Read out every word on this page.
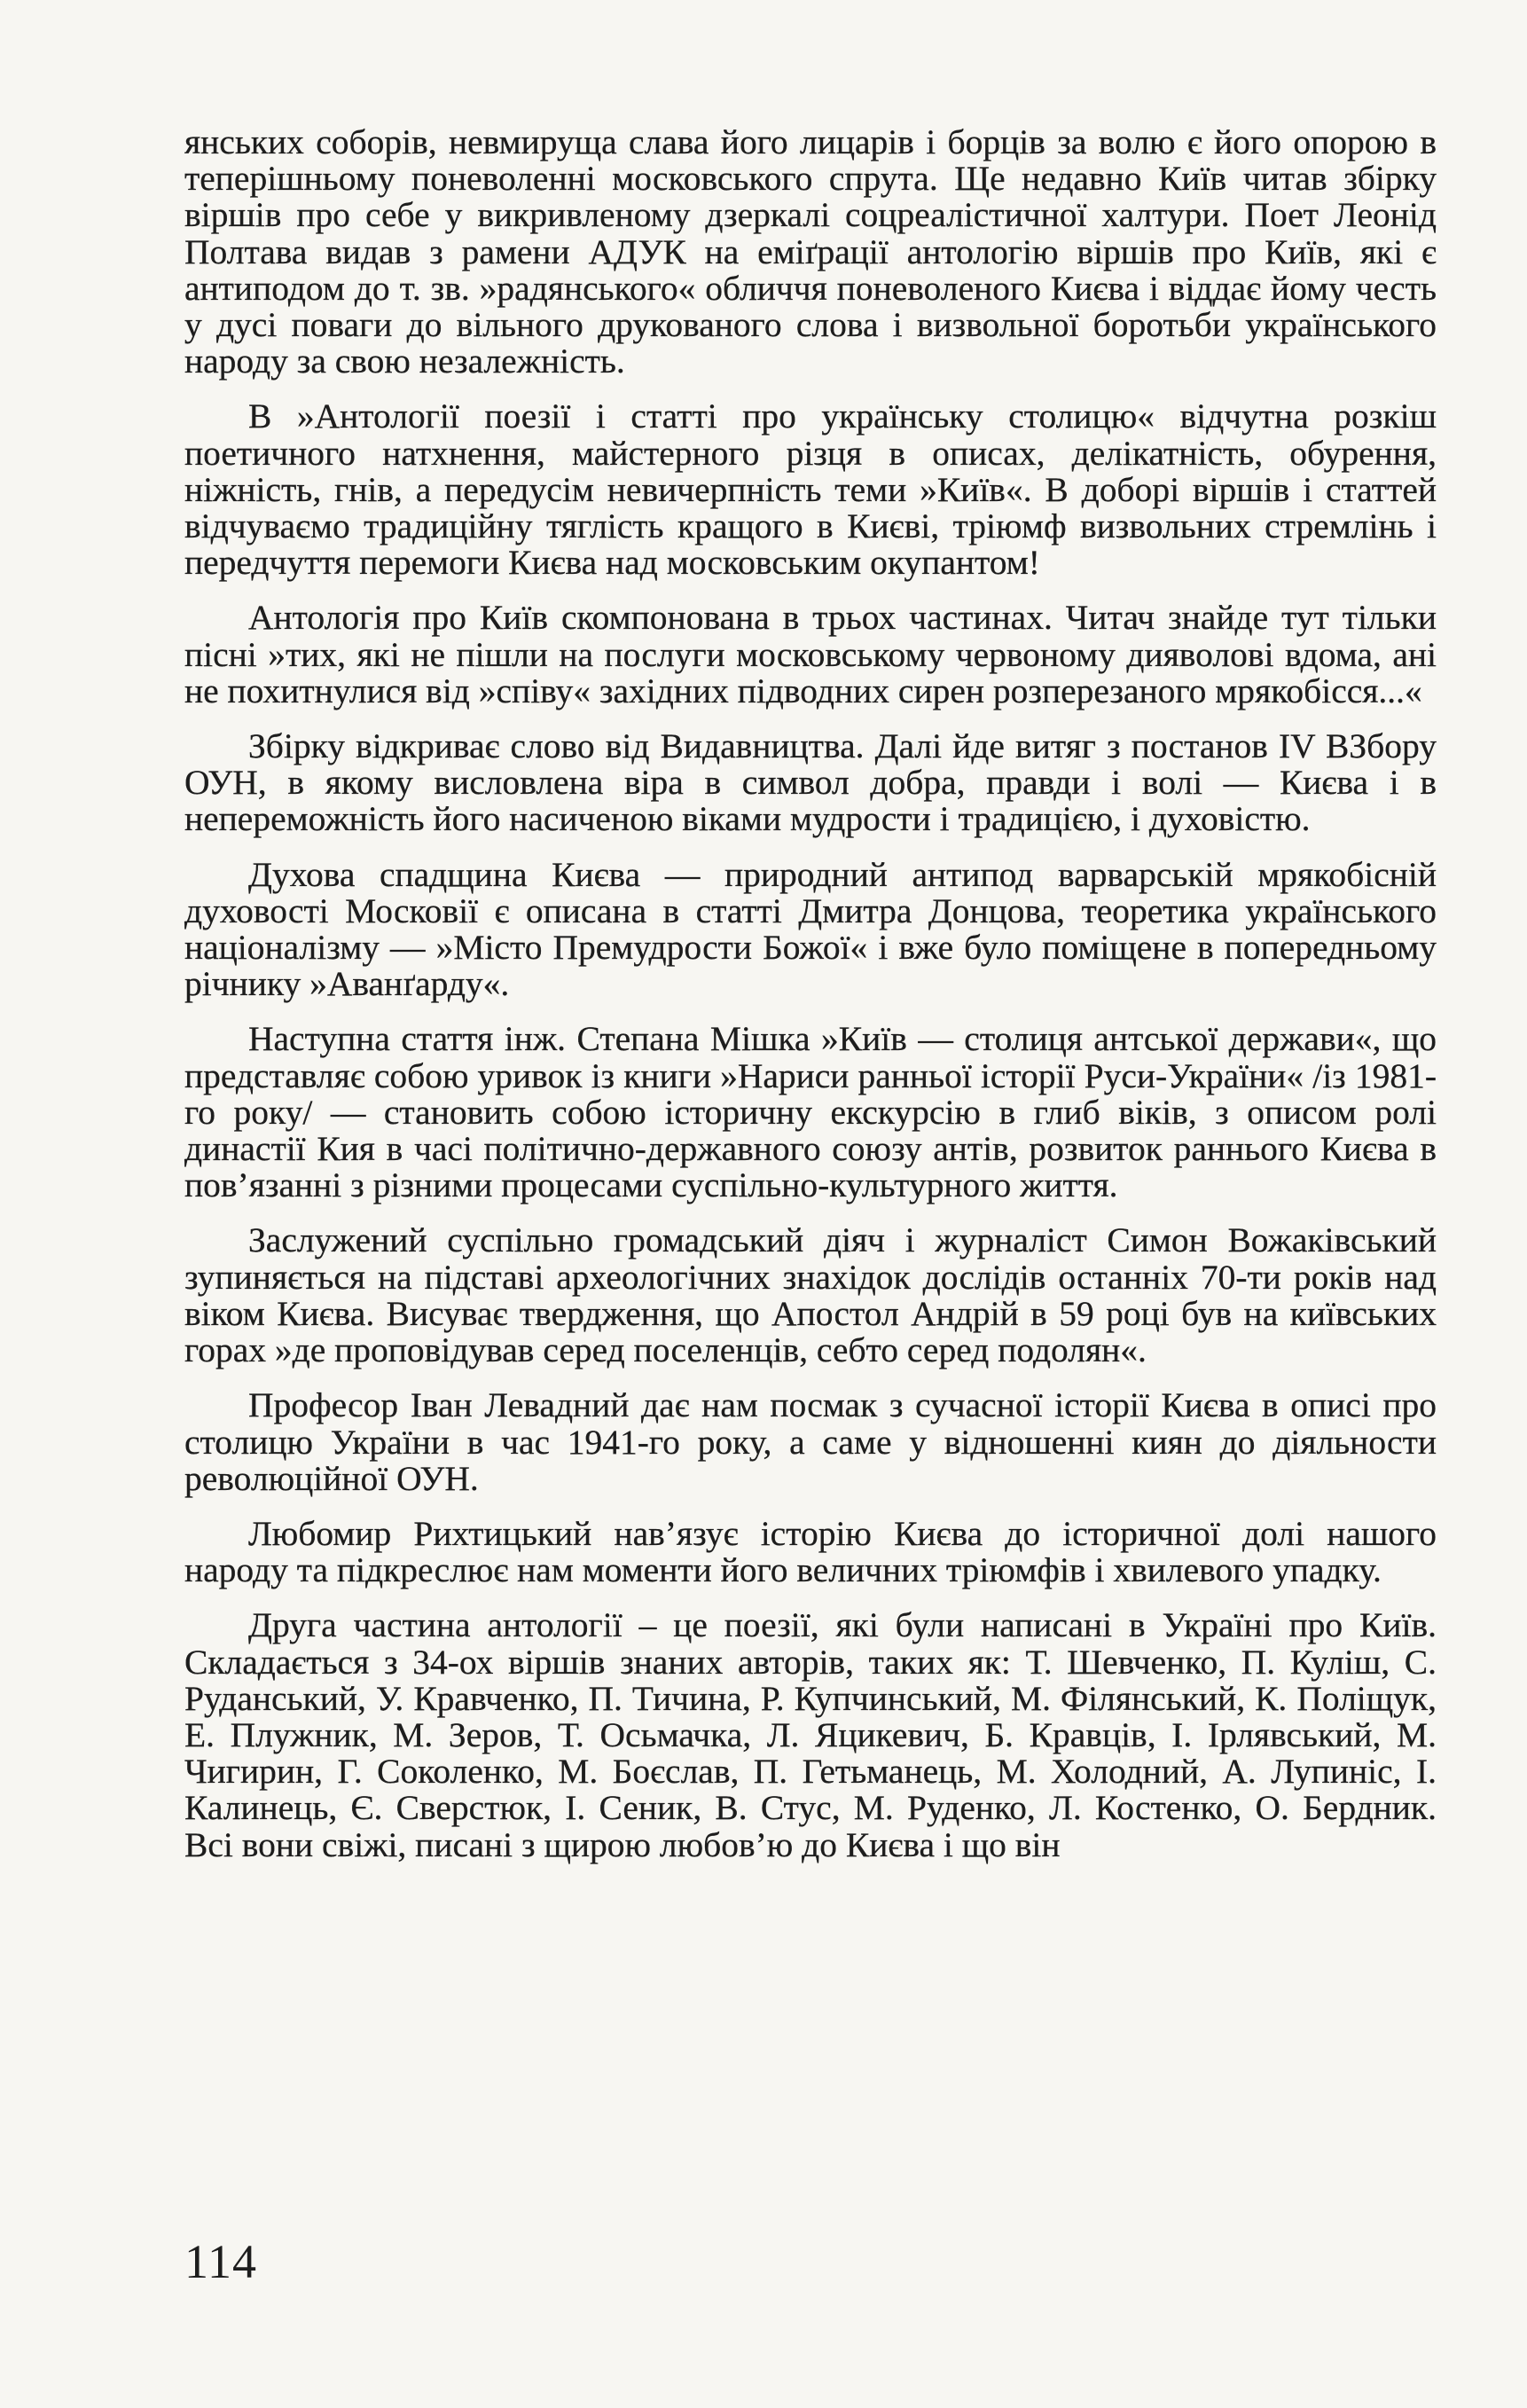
янських соборів, невмируща слава його лицарів і борців за волю є його опорою в теперішньому поневоленні московського спрута. Ще недавно Київ читав збірку віршів про себе у викривленому дзеркалі соцреалістичної халтури. Поет Леонід Полтава видав з рамени АДУК на еміґрації антологію віршів про Київ, які є антиподом до т. зв. »радянського« обличчя поневоленого Києва і віддає йому честь у дусі поваги до вільного друкованого слова і визвольної боротьби українського народу за свою незалежність.

В »Антології поезії і статті про українську столицю« відчутна розкіш поетичного натхнення, майстерного різця в описах, делікатність, обурення, ніжність, гнів, а передусім невичерпність теми »Київ«. В доборі віршів і статтей відчуваємо традиційну тяглість кращого в Києві, тріюмф визвольних стремлінь і передчуття перемоги Києва над московським окупантом!

Антологія про Київ скомпонована в трьох частинах. Читач знайде тут тільки пісні »тих, які не пішли на послуги московському червоному дияволові вдома, ані не похитнулися від »співу« західних підводних сирен розперезаного мрякобісся...«

Збірку відкриває слово від Видавництва. Далі йде витяг з постанов IV ВЗбору ОУН, в якому висловлена віра в символ добра, правди і волі — Києва і в непереможність його насиченою віками мудрости і традицією, і духовістю.

Духова спадщина Києва — природний антипод варварській мрякобісній духовості Московії є описана в статті Дмитра Донцова, теоретика українського націоналізму — »Місто Премудрости Божої« і вже було поміщене в попередньому річнику »Аванґарду«.

Наступна стаття інж. Степана Мішка »Київ — столиця антської держави«, що представляє собою уривок із книги »Нариси ранньої історії Руси-України« /із 1981-го року/ — становить собою історичну екскурсію в глиб віків, з описом ролі династії Кия в часі політично-державного союзу антів, розвиток раннього Києва в пов’язанні з різними процесами суспільно-культурного життя.

Заслужений суспільно громадський діяч і журналіст Симон Вожаківський зупиняється на підставі археологічних знахідок дослідів останніх 70-ти років над віком Києва. Висуває твердження, що Апостол Андрій в 59 році був на київських горах »де проповідував серед поселенців, себто серед подолян«.

Професор Іван Левадний дає нам посмак з сучасної історії Києва в описі про столицю України в час 1941-го року, а саме у відношенні киян до діяльности революційної ОУН.

Любомир Рихтицький нав’язує історію Києва до історичної долі нашого народу та підкреслює нам моменти його величних тріюмфів і хвилевого упадку.

Друга частина антології – це поезії, які були написані в Україні про Київ. Складається з 34-ох віршів знаних авторів, таких як: Т. Шевченко, П. Куліш, С. Руданський, У. Кравченко, П. Тичина, Р. Купчинський, М. Філянський, К. Поліщук, Е. Плужник, М. Зеров, Т. Осьмачка, Л. Яцикевич, Б. Кравців, І. Ірлявський, М. Чигирин, Г. Соколенко, М. Боєслав, П. Гетьманець, М. Холодний, А. Лупиніс, І. Калинець, Є. Сверстюк, І. Сеник, В. Стус, М. Руденко, Л. Костенко, О. Бердник. Всі вони свіжі, писані з щирою любов’ю до Києва і що він

114
